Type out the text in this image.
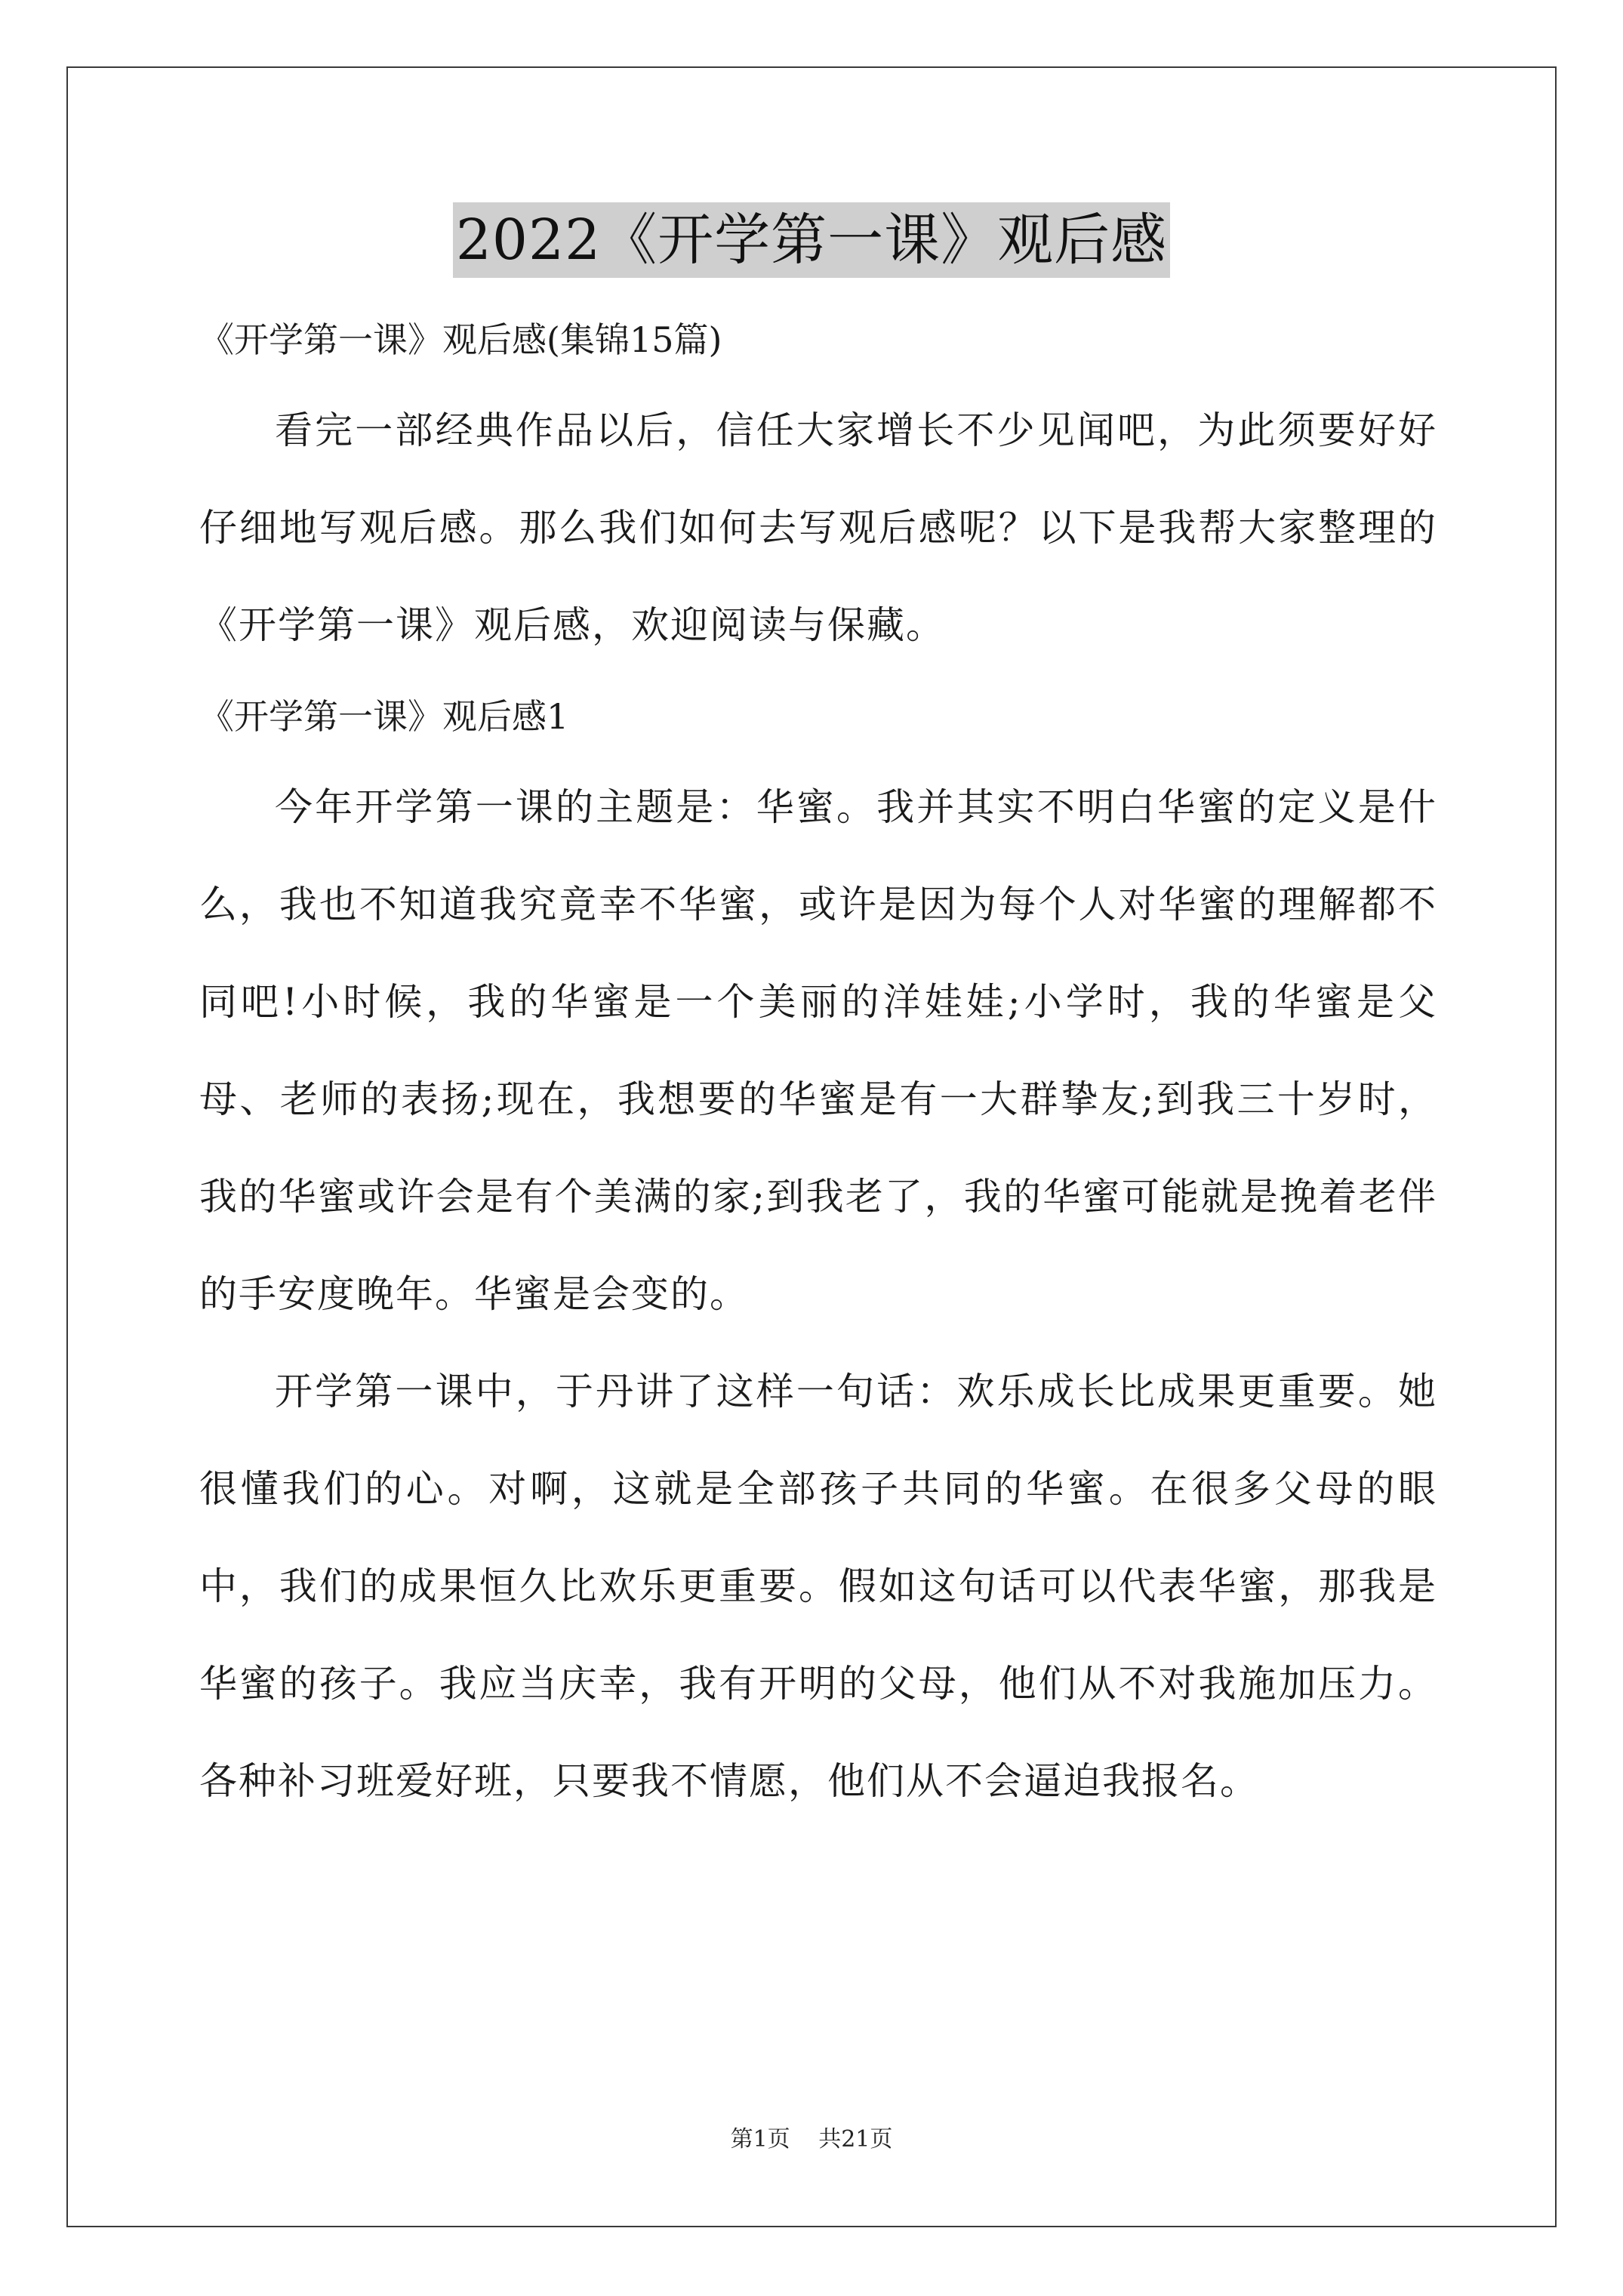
2022《开学第一课》观后感

《开学第一课》观后感(集锦15篇)

看完一部经典作品以后，信任大家增长不少见闻吧，为此须要好好仔细地写观后感。那么我们如何去写观后感呢？以下是我帮大家整理的《开学第一课》观后感，欢迎阅读与保藏。

《开学第一课》观后感1

今年开学第一课的主题是：华蜜。我并其实不明白华蜜的定义是什么，我也不知道我究竟幸不华蜜，或许是因为每个人对华蜜的理解都不同吧!小时候，我的华蜜是一个美丽的洋娃娃;小学时，我的华蜜是父母、老师的表扬;现在，我想要的华蜜是有一大群挚友;到我三十岁时，我的华蜜或许会是有个美满的家;到我老了，我的华蜜可能就是挽着老伴的手安度晚年。华蜜是会变的。

开学第一课中，于丹讲了这样一句话：欢乐成长比成果更重要。她很懂我们的心。对啊，这就是全部孩子共同的华蜜。在很多父母的眼中，我们的成果恒久比欢乐更重要。假如这句话可以代表华蜜，那我是华蜜的孩子。我应当庆幸，我有开明的父母，他们从不对我施加压力。各种补习班爱好班，只要我不情愿，他们从不会逼迫我报名。

第1页 共21页
